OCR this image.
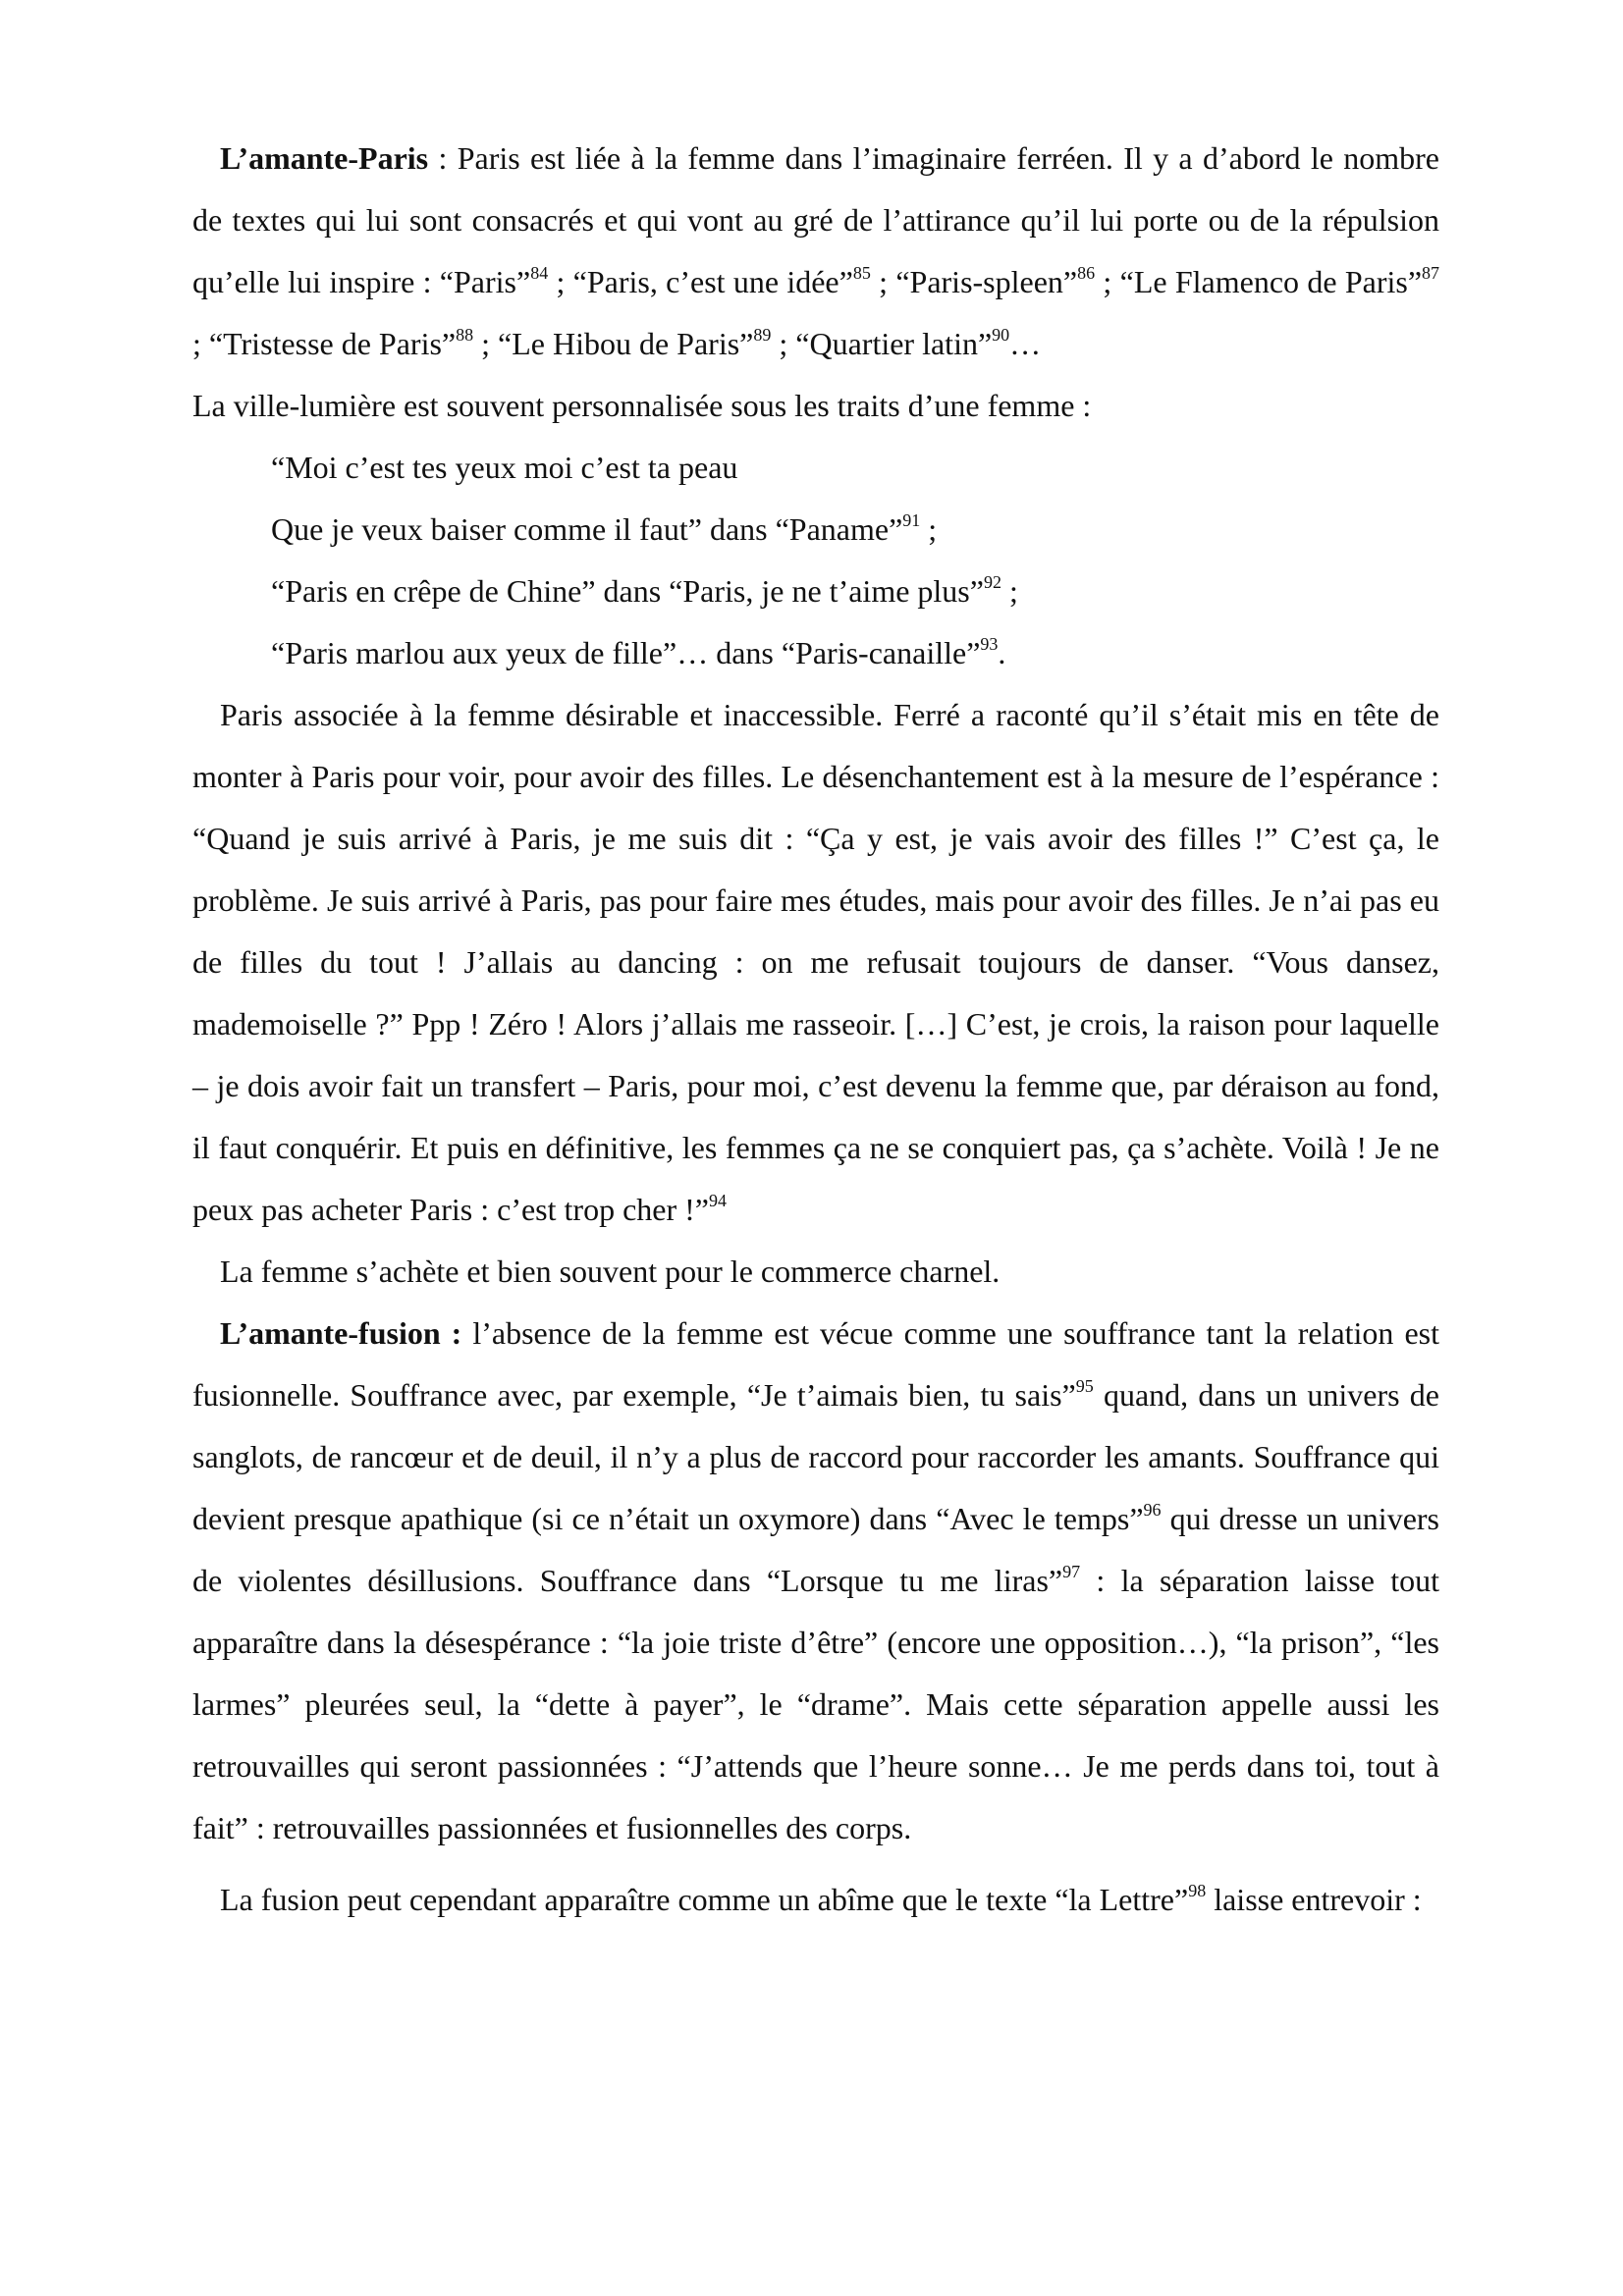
L’amante-Paris : Paris est liée à la femme dans l’imaginaire ferréen. Il y a d’abord le nombre de textes qui lui sont consacrés et qui vont au gré de l’attirance qu’il lui porte ou de la répulsion qu’elle lui inspire : “Paris”$^{84}$ ; “Paris, c’est une idée”$^{85}$ ; “Paris-spleen”$^{86}$ ; “Le Flamenco de Paris”$^{87}$ ; “Tristesse de Paris”$^{88}$ ; “Le Hibou de Paris”$^{89}$ ; “Quartier latin”$^{90}$…

La ville-lumière est souvent personnalisée sous les traits d’une femme :

“Moi c’est tes yeux moi c’est ta peau

Que je veux baiser comme il faut” dans “Paname”$^{91}$ ;

“Paris en crêpe de Chine” dans “Paris, je ne t’aime plus”$^{92}$ ;

“Paris marlou aux yeux de fille”… dans “Paris-canaille”$^{93}$.

Paris associée à la femme désirable et inaccessible. Ferré a raconté qu’il s’était mis en tête de monter à Paris pour voir, pour avoir des filles. Le désenchantement est à la mesure de l’espérance : “Quand je suis arrivé à Paris, je me suis dit : “Ça y est, je vais avoir des filles !” C’est ça, le problème. Je suis arrivé à Paris, pas pour faire mes études, mais pour avoir des filles. Je n’ai pas eu de filles du tout ! J’allais au dancing : on me refusait toujours de danser. “Vous dansez, mademoiselle ?” Ppp ! Zéro ! Alors j’allais me rasseoir. […] C’est, je crois, la raison pour laquelle – je dois avoir fait un transfert – Paris, pour moi, c’est devenu la femme que, par déraison au fond, il faut conquérir. Et puis en définitive, les femmes ça ne se conquiert pas, ça s’achète. Voilà ! Je ne peux pas acheter Paris : c’est trop cher !”$^{94}$

La femme s’achète et bien souvent pour le commerce charnel.

L’amante-fusion : l’absence de la femme est vécue comme une souffrance tant la relation est fusionnelle. Souffrance avec, par exemple, “Je t’aimais bien, tu sais”$^{95}$ quand, dans un univers de sanglots, de rancœur et de deuil, il n’y a plus de raccord pour raccorder les amants. Souffrance qui devient presque apathique (si ce n’était un oxymore) dans “Avec le temps”$^{96}$ qui dresse un univers de violentes désillusions. Souffrance dans “Lorsque tu me liras”$^{97}$ : la séparation laisse tout apparaître dans la désespérance : “la joie triste d’être” (encore une opposition…), “la prison”, “les larmes” pleurées seul, la “dette à payer”, le “drame”. Mais cette séparation appelle aussi les retrouvailles qui seront passionnées : “J’attends que l’heure sonne… Je me perds dans toi, tout à fait” : retrouvailles passionnées et fusionnelles des corps.

La fusion peut cependant apparaître comme un abîme que le texte “la Lettre”$^{98}$ laisse entrevoir :
